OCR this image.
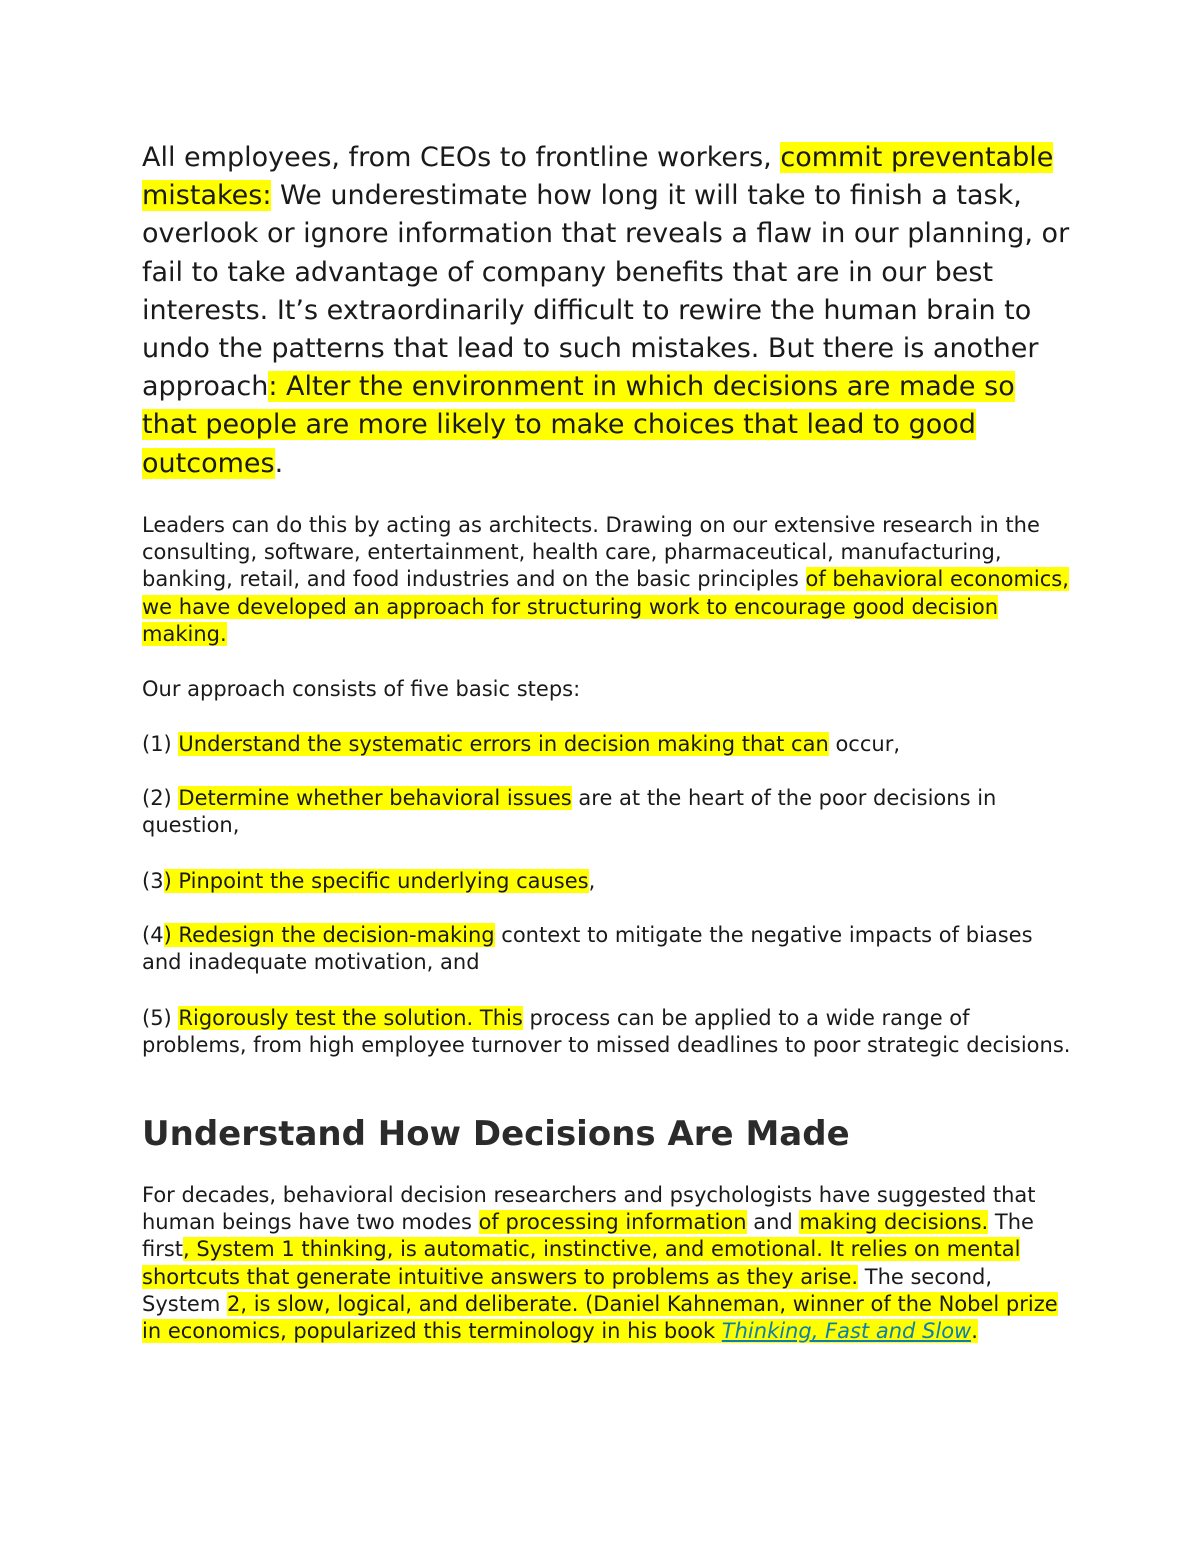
All employees, from CEOs to frontline workers, commit preventable mistakes: We underestimate how long it will take to finish a task, overlook or ignore information that reveals a flaw in our planning, or fail to take advantage of company benefits that are in our best interests. It’s extraordinarily difficult to rewire the human brain to undo the patterns that lead to such mistakes. But there is another approach: Alter the environment in which decisions are made so that people are more likely to make choices that lead to good outcomes.

Leaders can do this by acting as architects. Drawing on our extensive research in the consulting, software, entertainment, health care, pharmaceutical, manufacturing, banking, retail, and food industries and on the basic principles of behavioral economics, we have developed an approach for structuring work to encourage good decision making.

Our approach consists of five basic steps:

(1) Understand the systematic errors in decision making that can occur,

(2) Determine whether behavioral issues are at the heart of the poor decisions in question,

(3) Pinpoint the specific underlying causes,

(4) Redesign the decision-making context to mitigate the negative impacts of biases and inadequate motivation, and

(5) Rigorously test the solution. This process can be applied to a wide range of problems, from high employee turnover to missed deadlines to poor strategic decisions.

Understand How Decisions Are Made

For decades, behavioral decision researchers and psychologists have suggested that human beings have two modes of processing information and making decisions. The first, System 1 thinking, is automatic, instinctive, and emotional. It relies on mental shortcuts that generate intuitive answers to problems as they arise. The second, System 2, is slow, logical, and deliberate. (Daniel Kahneman, winner of the Nobel prize in economics, popularized this terminology in his book Thinking, Fast and Slow.
